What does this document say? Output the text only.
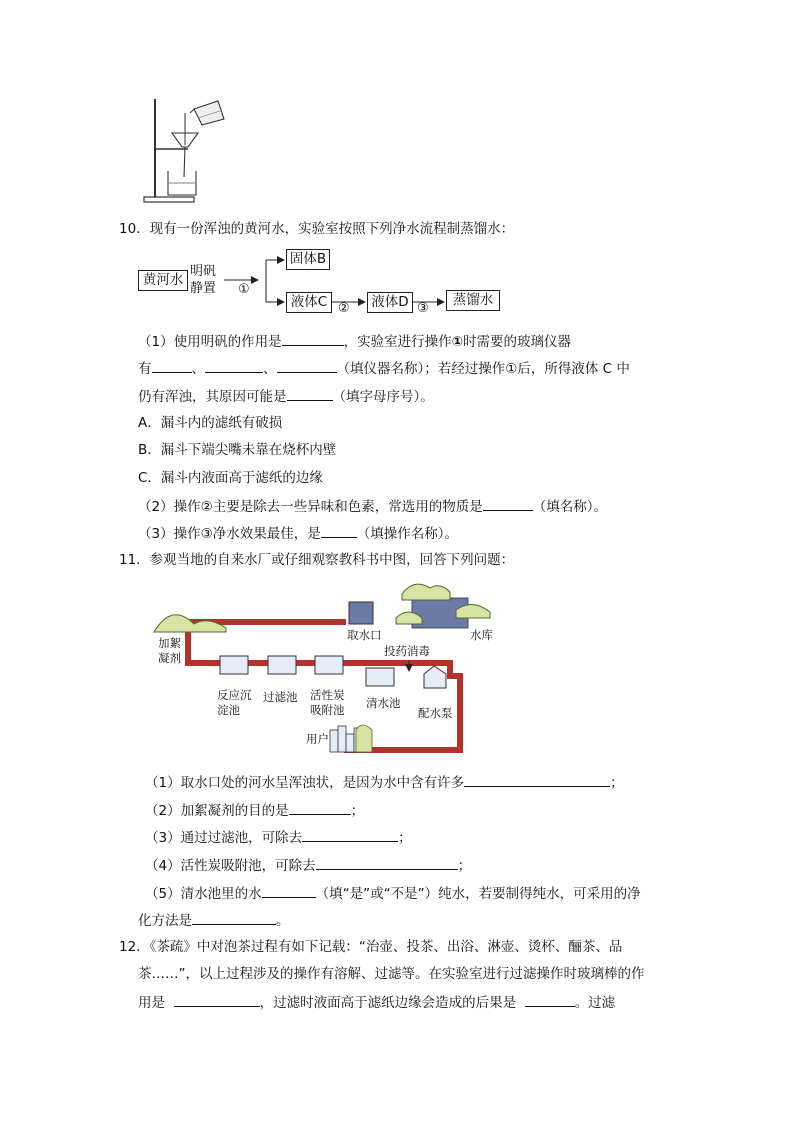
10．现有一份浑浊的黄河水，实验室按照下列净水流程制蒸馏水：
黄河水
明矾
静置 ①
固体B
液体C ②	液体D ③
蒸馏水
（1）使用明矾的作用是	，实验室进行操作①时需要的玻璃仪器
有	、	、	（填仪器名称）；若经过操作①后，所得液体 C 中
仍有浑浊，其原因可能是	（填字母序号）。
A．漏斗内的滤纸有破损
B．漏斗下端尖嘴未靠在烧杯内壁
C．漏斗内液面高于滤纸的边缘
（2）操作②主要是除去一些异味和色素，常选用的物质是	（填名称）。
（3）操作③净水效果最佳，是	（填操作名称）。
11．参观当地的自来水厂或仔细观察教科书中图，回答下列问题：
取水口	水库
加絮
凝剂	投药消毒
反应沉
淀池
过滤池 活性炭
吸附池 清水池
配水泵
用户
（1）取水口处的河水呈浑浊状，是因为水中含有许多	；
（2）加絮凝剂的目的是	；
（3）通过过滤池，可除去	；
（4）活性炭吸附池，可除去	；
（5）清水池里的水	（填“是”或“不是”）纯水，若要制得纯水，可采用的净
化方法是	。
12．《茶疏》中对泡茶过程有如下记载：“治壶、投茶、出浴、淋壶、烫杯、酾茶、品
茶……”，以上过程涉及的操作有溶解、过滤等。在实验室进行过滤操作时玻璃棒的作
用是	，过滤时液面高于滤纸边缘会造成的后果是	。过滤
